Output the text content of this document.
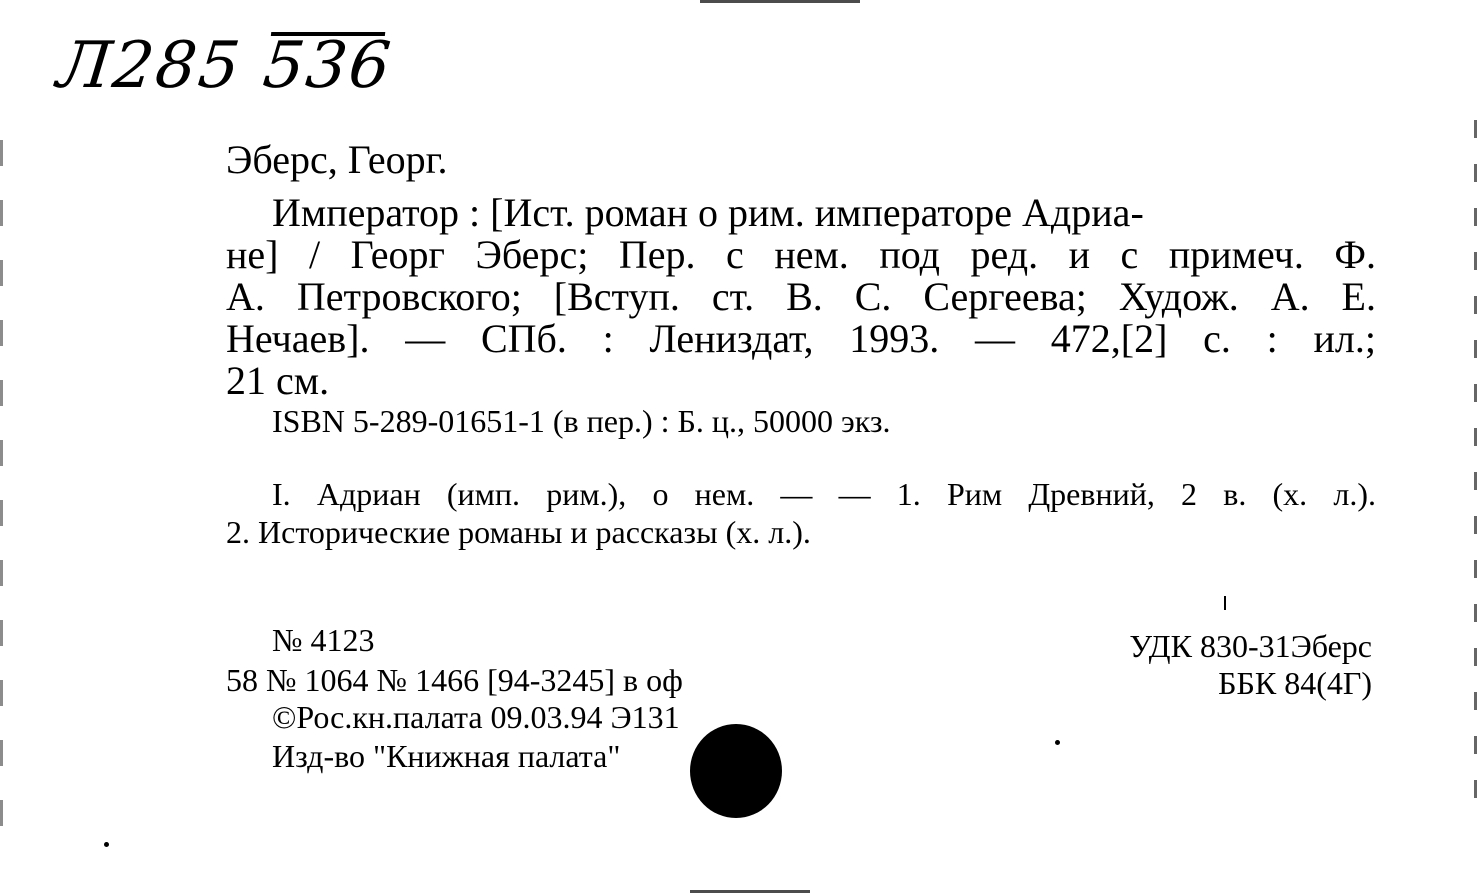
Л285 536
Эберс, Георг.
Император : [Ист. роман о рим. императоре Адриа-
не] / Георг Эберс; Пер. с нем. под ред. и с примеч. Ф.
А. Петровского; [Вступ. ст. В. С. Сергеева; Худож. А. Е.
Нечаев]. — СПб. : Лениздат, 1993. — 472,[2] с. : ил.;
21 см.
ISBN 5-289-01651-1 (в пер.) : Б. ц., 50000 экз.
I. Адриан (имп. рим.), о нем. — — 1. Рим Древний, 2 в. (х. л.).
2. Исторические романы и рассказы (х. л.).
№ 4123
58 № 1064 № 1466 [94-3245] в оф
©Рос.кн.палата 09.03.94 Э131
Изд-во "Книжная палата"
УДК 830-31Эберс
ББК 84(4Г)
